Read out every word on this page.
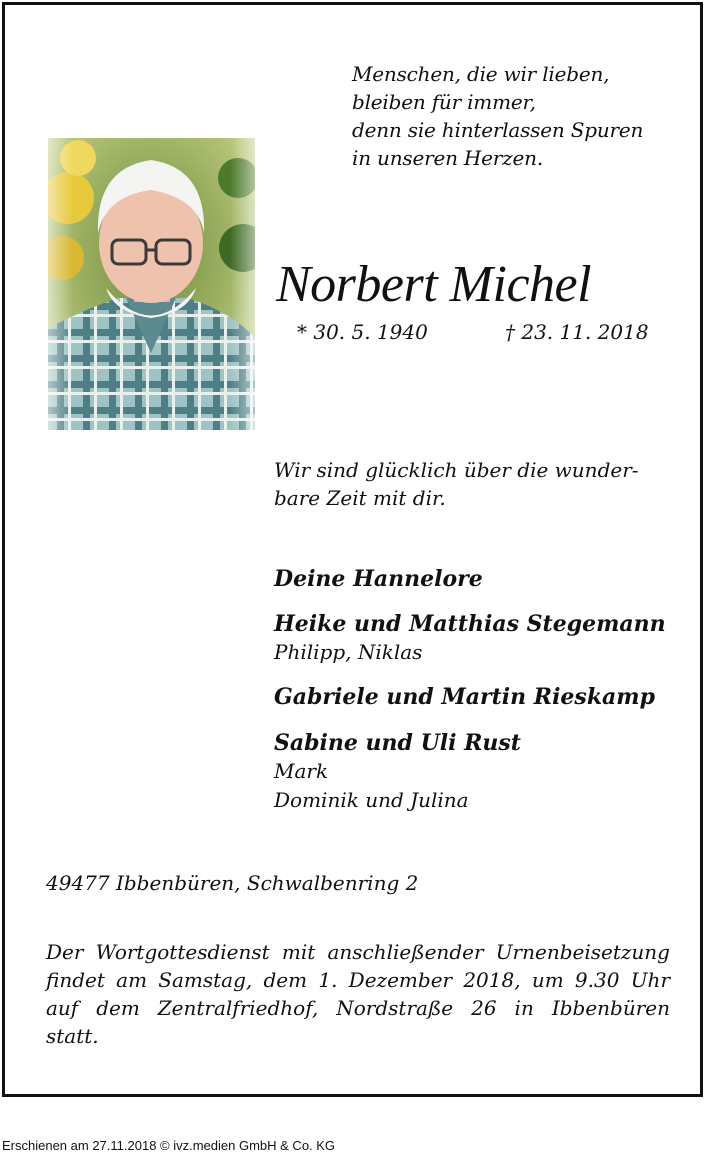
Menschen, die wir lieben,
bleiben für immer,
denn sie hinterlassen Spuren
in unseren Herzen.
Norbert Michel
* 30. 5. 1940	† 23. 11. 2018
Wir sind glücklich über die wunder-
bare Zeit mit dir.
Deine Hannelore
Heike und Matthias Stegemann
Philipp, Niklas
Gabriele und Martin Rieskamp
Sabine und Uli Rust
Mark
Dominik und Julina
49477 Ibbenbüren, Schwalbenring 2
Der Wortgottesdienst mit anschließender Urnenbeisetzung
findet am Samstag, dem 1. Dezember 2018, um 9.30 Uhr
auf dem Zentralfriedhof, Nordstraße 26 in Ibbenbüren
statt.
Erschienen am 27.11.2018 © ivz.medien GmbH & Co. KG
